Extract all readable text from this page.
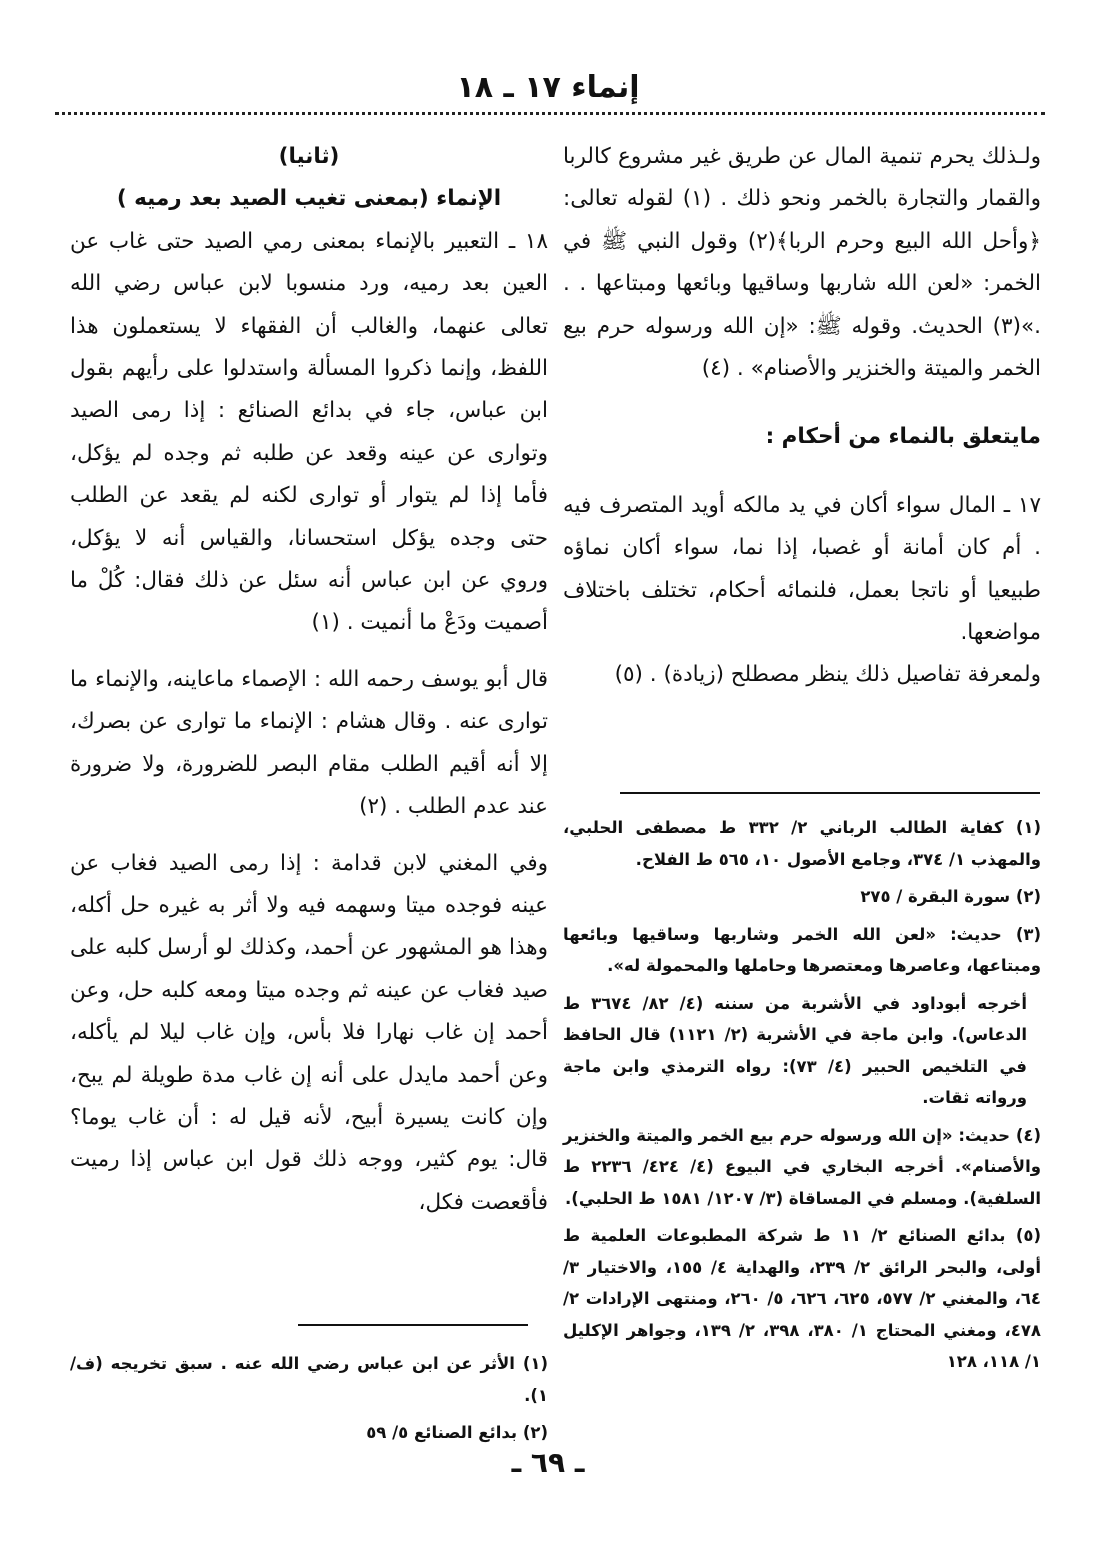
إنماء ١٧ ـ ١٨

ولـذلك يحرم تنمية المال عن طريق غير مشروع كالربا والقمار والتجارة بالخمر ونحو ذلك . (١) لقوله تعالى: ﴿وأحل الله البيع وحرم الربا﴾(٢) وقول النبي ﷺ في الخمر: «لعن الله شاربها وساقيها وبائعها ومبتاعها . . .»(٣) الحديث. وقوله ﷺ: «إن الله ورسوله حرم بيع الخمر والميتة والخنزير والأصنام» . (٤)

مايتعلق بالنماء من أحكام :

١٧ ـ المال سواء أكان في يد مالكه أويد المتصرف فيه . أم كان أمانة أو غصبا، إذا نما، سواء أكان نماؤه طبيعيا أو ناتجا بعمل، فلنمائه أحكام، تختلف باختلاف مواضعها.

ولمعرفة تفاصيل ذلك ينظر مصطلح (زيادة) . (٥)

(ثانيا)

الإنماء (بمعنى تغيب الصيد بعد رميه )

١٨ ـ التعبير بالإنماء بمعنى رمي الصيد حتى غاب عن العين بعد رميه، ورد منسوبا لابن عباس رضي الله تعالى عنهما، والغالب أن الفقهاء لا يستعملون هذا اللفظ، وإنما ذكروا المسألة واستدلوا على رأيهم بقول ابن عباس، جاء في بدائع الصنائع : إذا رمى الصيد وتوارى عن عينه وقعد عن طلبه ثم وجده لم يؤكل، فأما إذا لم يتوار أو توارى لكنه لم يقعد عن الطلب حتى وجده يؤكل استحسانا، والقياس أنه لا يؤكل، وروي عن ابن عباس أنه سئل عن ذلك فقال: كُلْ ما أصميت ودَعْ ما أنميت . (١)

قال أبو يوسف رحمه الله : الإصماء ماعاينه، والإنماء ما توارى عنه . وقال هشام : الإنماء ما توارى عن بصرك، إلا أنه أقيم الطلب مقام البصر للضرورة، ولا ضرورة عند عدم الطلب . (٢)

وفي المغني لابن قدامة : إذا رمى الصيد فغاب عن عينه فوجده ميتا وسهمه فيه ولا أثر به غيره حل أكله، وهذا هو المشهور عن أحمد، وكذلك لو أرسل كلبه على صيد فغاب عن عينه ثم وجده ميتا ومعه كلبه حل، وعن أحمد إن غاب نهارا فلا بأس، وإن غاب ليلا لم يأكله، وعن أحمد مايدل على أنه إن غاب مدة طويلة لم يبح، وإن كانت يسيرة أبيح، لأنه قيل له : أن غاب يوما؟ قال: يوم كثير، ووجه ذلك قول ابن عباس إذا رميت فأقعصت فكل،

(١) كفاية الطالب الرباني ٢/ ٣٣٢ ط مصطفى الحلبي، والمهذب ١/ ٣٧٤، وجامع الأصول ١٠، ٥٦٥ ط الفلاح.

(٢) سورة البقرة / ٢٧٥

(٣) حديث: «لعن الله الخمر وشاربها وساقيها وبائعها ومبتاعها، وعاصرها ومعتصرها وحاملها والمحمولة له».

أخرجه أبوداود في الأشربة من سننه (٤/ ٨٢/ ٣٦٧٤ ط الدعاس). وابن ماجة في الأشربة (٢/ ١١٢١) قال الحافظ في التلخيص الحبير (٤/ ٧٣): رواه الترمذي وابن ماجة ورواته ثقات.

(٤) حديث: «إن الله ورسوله حرم بيع الخمر والميتة والخنزير والأصنام». أخرجه البخاري في البيوع (٤/ ٤٢٤/ ٢٢٣٦ ط السلفية). ومسلم في المساقاة (٣/ ١٢٠٧/ ١٥٨١ ط الحلبي).

(٥) بدائع الصنائع ٢/ ١١ ط شركة المطبوعات العلمية ط أولى، والبحر الرائق ٢/ ٢٣٩، والهداية ٤/ ١٥٥، والاختيار ٣/ ٦٤، والمغني ٢/ ٥٧٧، ٦٢٥، ٦٢٦، ٥/ ٢٦٠، ومنتهى الإرادات ٢/ ٤٧٨، ومغني المحتاج ١/ ٣٨٠، ٣٩٨، ٢/ ١٣٩، وجواهر الإكليل ١/ ١١٨، ١٢٨

(١) الأثر عن ابن عباس رضي الله عنه . سبق تخريجه (ف/ ١).

(٢) بدائع الصنائع ٥/ ٥٩

ـ ٦٩ ـ
